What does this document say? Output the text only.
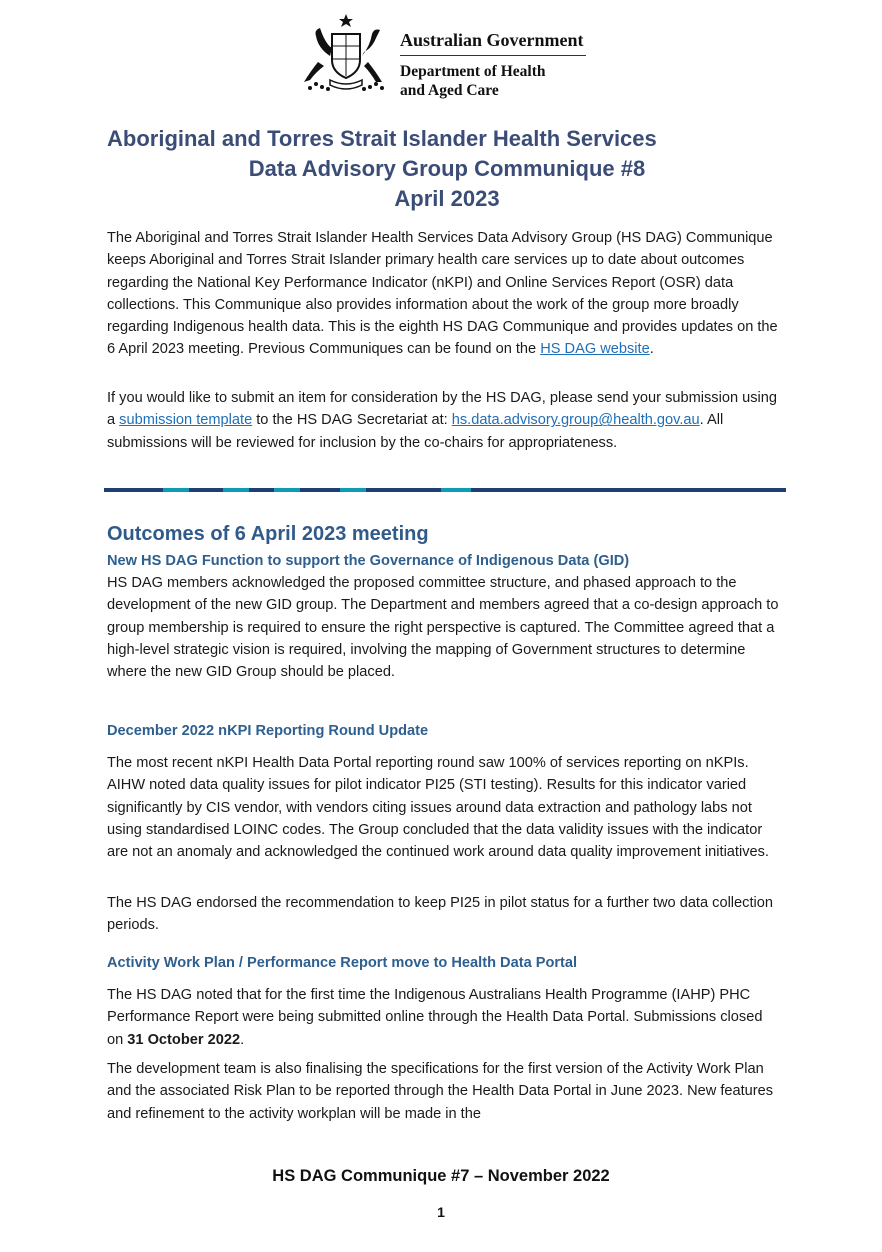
Australian Government
Department of Health
and Aged Care
Aboriginal and Torres Strait Islander Health Services
Data Advisory Group Communique #8
April 2023

The Aboriginal and Torres Strait Islander Health Services Data Advisory Group (HS DAG) Communique keeps Aboriginal and Torres Strait Islander primary health care services up to date about outcomes regarding the National Key Performance Indicator (nKPI) and Online Services Report (OSR) data collections. This Communique also provides information about the work of the group more broadly regarding Indigenous health data. This is the eighth HS DAG Communique and provides updates on the 6 April 2023 meeting. Previous Communiques can be found on the HS DAG website.

If you would like to submit an item for consideration by the HS DAG, please send your submission using a submission template to the HS DAG Secretariat at: hs.data.advisory.group@health.gov.au. All submissions will be reviewed for inclusion by the co-chairs for appropriateness.

Outcomes of 6 April 2023 meeting
New HS DAG Function to support the Governance of Indigenous Data (GID)

HS DAG members acknowledged the proposed committee structure, and phased approach to the development of the new GID group. The Department and members agreed that a co-design approach to group membership is required to ensure the right perspective is captured. The Committee agreed that a high-level strategic vision is required, involving the mapping of Government structures to determine where the new GID Group should be placed.

December 2022 nKPI Reporting Round Update

The most recent nKPI Health Data Portal reporting round saw 100% of services reporting on nKPIs. AIHW noted data quality issues for pilot indicator PI25 (STI testing). Results for this indicator varied significantly by CIS vendor, with vendors citing issues around data extraction and pathology labs not using standardised LOINC codes. The Group concluded that the data validity issues with the indicator are not an anomaly and acknowledged the continued work around data quality improvement initiatives.

The HS DAG endorsed the recommendation to keep PI25 in pilot status for a further two data collection periods.

Activity Work Plan / Performance Report move to Health Data Portal

The HS DAG noted that for the first time the Indigenous Australians Health Programme (IAHP) PHC Performance Report were being submitted online through the Health Data Portal. Submissions closed on 31 October 2022.

The development team is also finalising the specifications for the first version of the Activity Work Plan and the associated Risk Plan to be reported through the Health Data Portal in June 2023. New features and refinement to the activity workplan will be made in the

HS DAG Communique #7 – November 2022
1
